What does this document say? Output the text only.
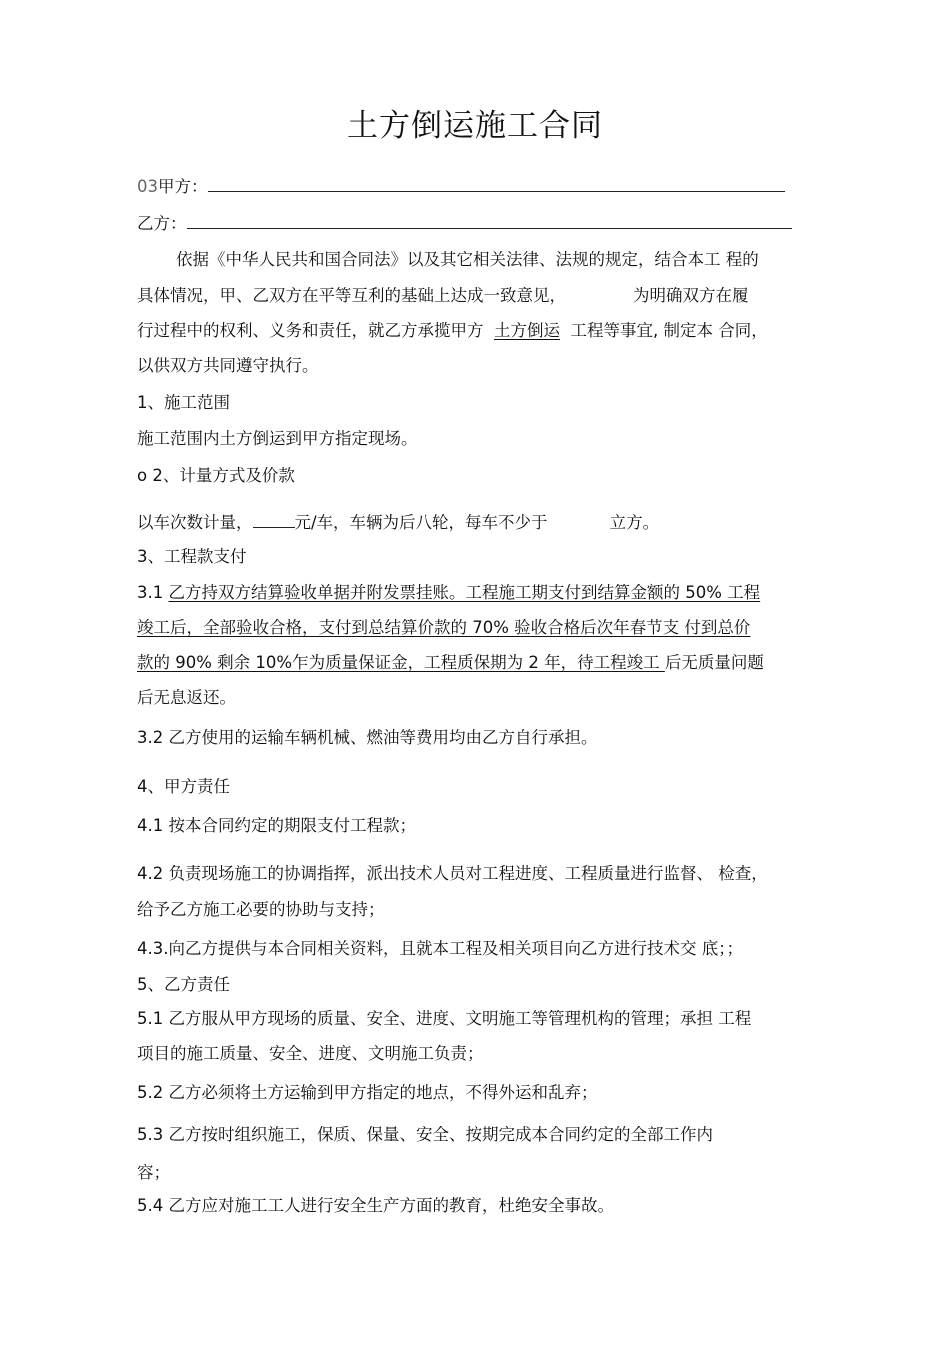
土方倒运施工合同
03甲方：
乙方：
依据《中华人民共和国合同法》以及其它相关法律、法规的规定，结合本工 程的
具体情况，甲、乙双方在平等互利的基础上达成一致意见，	为明确双方在履
行过程中的权利、义务和责任，就乙方承揽甲方 土方倒运 工程等事宜, 制定本 合同，
以供双方共同遵守执行。
1、施工范围
施工范围内土方倒运到甲方指定现场。
o 2、计量方式及价款
以车次数计量，	元/车，车辆为后八轮，每车不少于	立方。
3、工程款支付
3.1 乙方持双方结算验收单据并附发票挂账。工程施工期支付到结算金额的 50% 工程
竣工后，全部验收合格，支付到总结算价款的 70% 验收合格后次年春节支 付到总价
款的 90% 剩余 10%乍为质量保证金，工程质保期为 2 年，待工程竣工 后无质量问题
后无息返还。
3.2 乙方使用的运输车辆机械、燃油等费用均由乙方自行承担。
4、甲方责任
4.1 按本合同约定的期限支付工程款；
4.2 负责现场施工的协调指挥，派出技术人员对工程进度、工程质量进行监督、 检查，
给予乙方施工必要的协助与支持；
4.3.向乙方提供与本合同相关资料，且就本工程及相关项目向乙方进行技术交 底；；
5、乙方责任
5.1 乙方服从甲方现场的质量、安全、进度、文明施工等管理机构的管理；承担 工程
项目的施工质量、安全、进度、文明施工负责；
5.2 乙方必须将土方运输到甲方指定的地点，不得外运和乱弃；
5.3 乙方按时组织施工，保质、保量、安全、按期完成本合同约定的全部工作内
容；
5.4 乙方应对施工工人进行安全生产方面的教育，杜绝安全事故。
